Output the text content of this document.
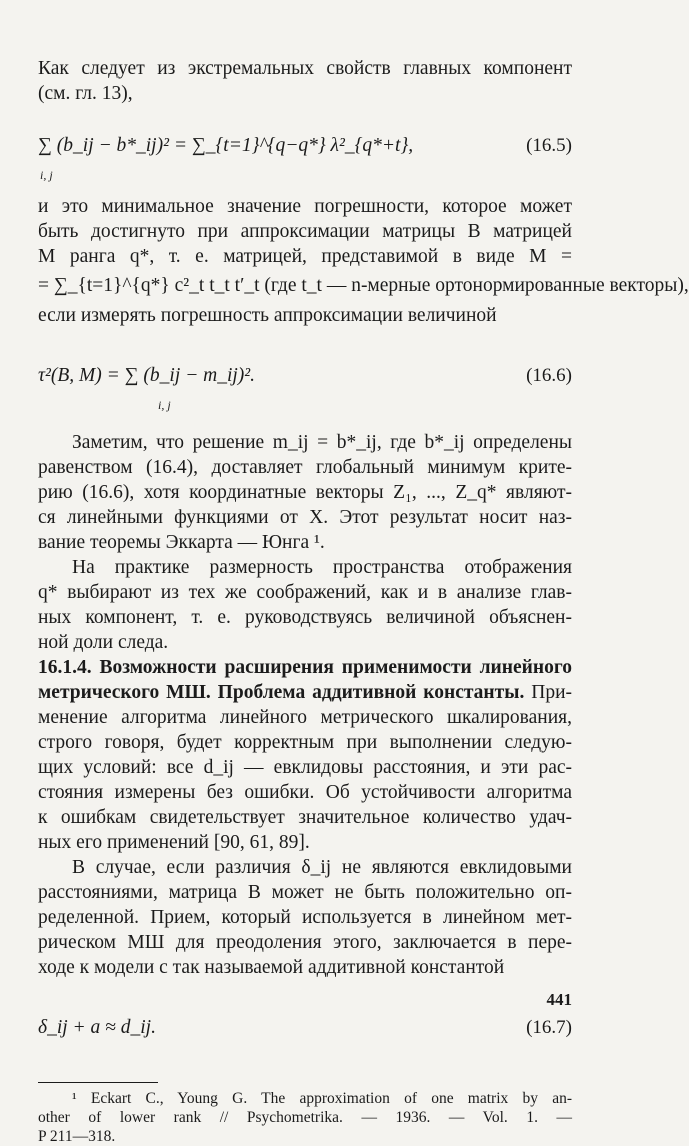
Как следует из экстремальных свойств главных компонент
(см. гл. 13),
∑ (b_ij − b*_ij)² = ∑_{t=1}^{q−q*} λ²_{q*+t},	(16.5)
i, j
и это минимальное значение погрешности, которое может
быть достигнуто при аппроксимации матрицы B матрицей
M ранга q*, т. е. матрицей, представимой в виде M =
= ∑_{t=1}^{q*} c²_t t_t t′_t (где t_t — n-мерные ортонормированные векторы),
если измерять погрешность аппроксимации величиной
τ²(B, M) = ∑ (b_ij − m_ij)².	(16.6)
i, j
Заметим, что решение m_ij = b*_ij, где b*_ij определены
равенством (16.4), доставляет глобальный минимум крите-
рию (16.6), хотя координатные векторы Z₁, ..., Z_q* являют-
ся линейными функциями от X. Этот результат носит наз-
вание теоремы Эккарта — Юнга ¹.
На практике размерность пространства отображения
q* выбирают из тех же соображений, как и в анализе глав-
ных компонент, т. е. руководствуясь величиной объяснен-
ной доли следа.
16.1.4. Возможности расширения применимости линейного
метрического МШ. Проблема аддитивной константы. При-
менение алгоритма линейного метрического шкалирования,
строго говоря, будет корректным при выполнении следую-
щих условий: все d_ij — евклидовы расстояния, и эти рас-
стояния измерены без ошибки. Об устойчивости алгоритма
к ошибкам свидетельствует значительное количество удач-
ных его применений [90, 61, 89].
В случае, если различия δ_ij не являются евклидовыми
расстояниями, матрица B может не быть положительно оп-
ределенной. Прием, который используется в линейном мет-
рическом МШ для преодоления этого, заключается в пере-
ходе к модели с так называемой аддитивной константой
δ_ij + a ≈ d_ij.	(16.7)
¹ Eckart C., Young G. The approximation of one matrix by an-
other of lower rank // Psychometrika. — 1936. — Vol. 1. —
P 211—318.
441
